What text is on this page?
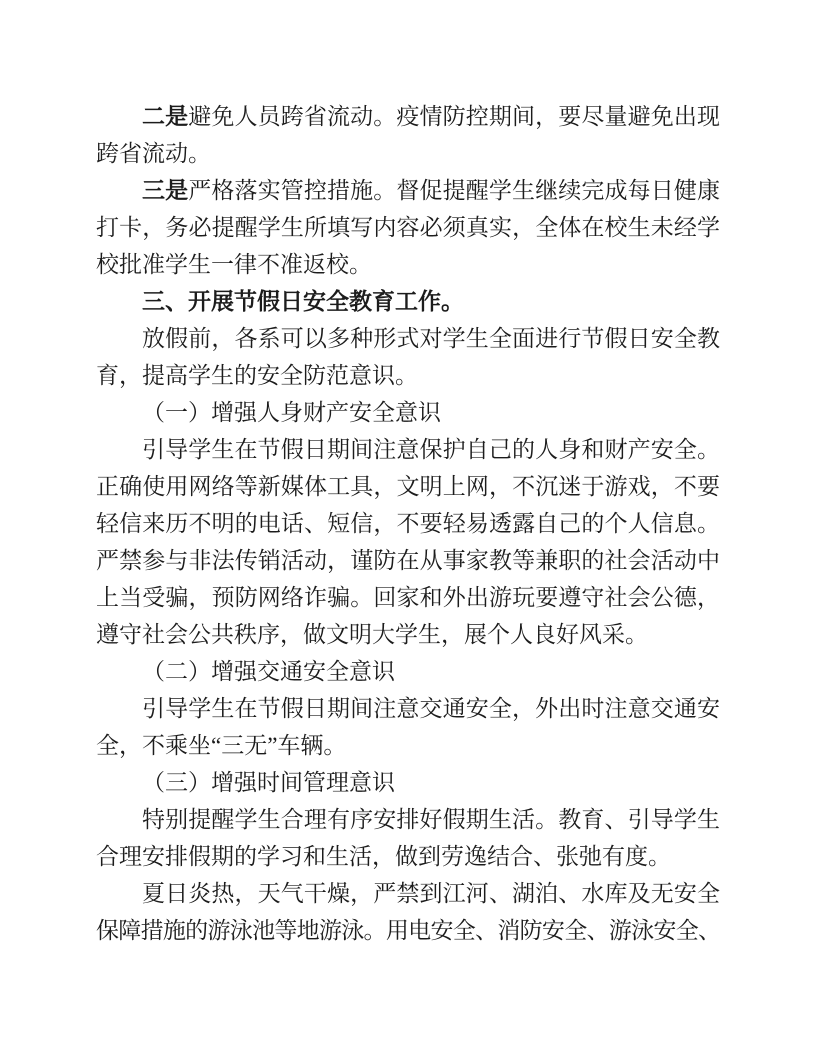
二是避免人员跨省流动。疫情防控期间，要尽量避免出现
跨省流动。
三是严格落实管控措施。督促提醒学生继续完成每日健康
打卡，务必提醒学生所填写内容必须真实，全体在校生未经学
校批准学生一律不准返校。
三、开展节假日安全教育工作。
放假前，各系可以多种形式对学生全面进行节假日安全教
育，提高学生的安全防范意识。
（一）增强人身财产安全意识
引导学生在节假日期间注意保护自己的人身和财产安全。
正确使用网络等新媒体工具，文明上网，不沉迷于游戏，不要
轻信来历不明的电话、短信，不要轻易透露自己的个人信息。
严禁参与非法传销活动，谨防在从事家教等兼职的社会活动中
上当受骗，预防网络诈骗。回家和外出游玩要遵守社会公德，
遵守社会公共秩序，做文明大学生，展个人良好风采。
（二）增强交通安全意识
引导学生在节假日期间注意交通安全，外出时注意交通安
全，不乘坐“三无”车辆。
（三）增强时间管理意识
特别提醒学生合理有序安排好假期生活。教育、引导学生
合理安排假期的学习和生活，做到劳逸结合、张弛有度。
夏日炎热，天气干燥，严禁到江河、湖泊、水库及无安全
保障措施的游泳池等地游泳。用电安全、消防安全、游泳安全、
